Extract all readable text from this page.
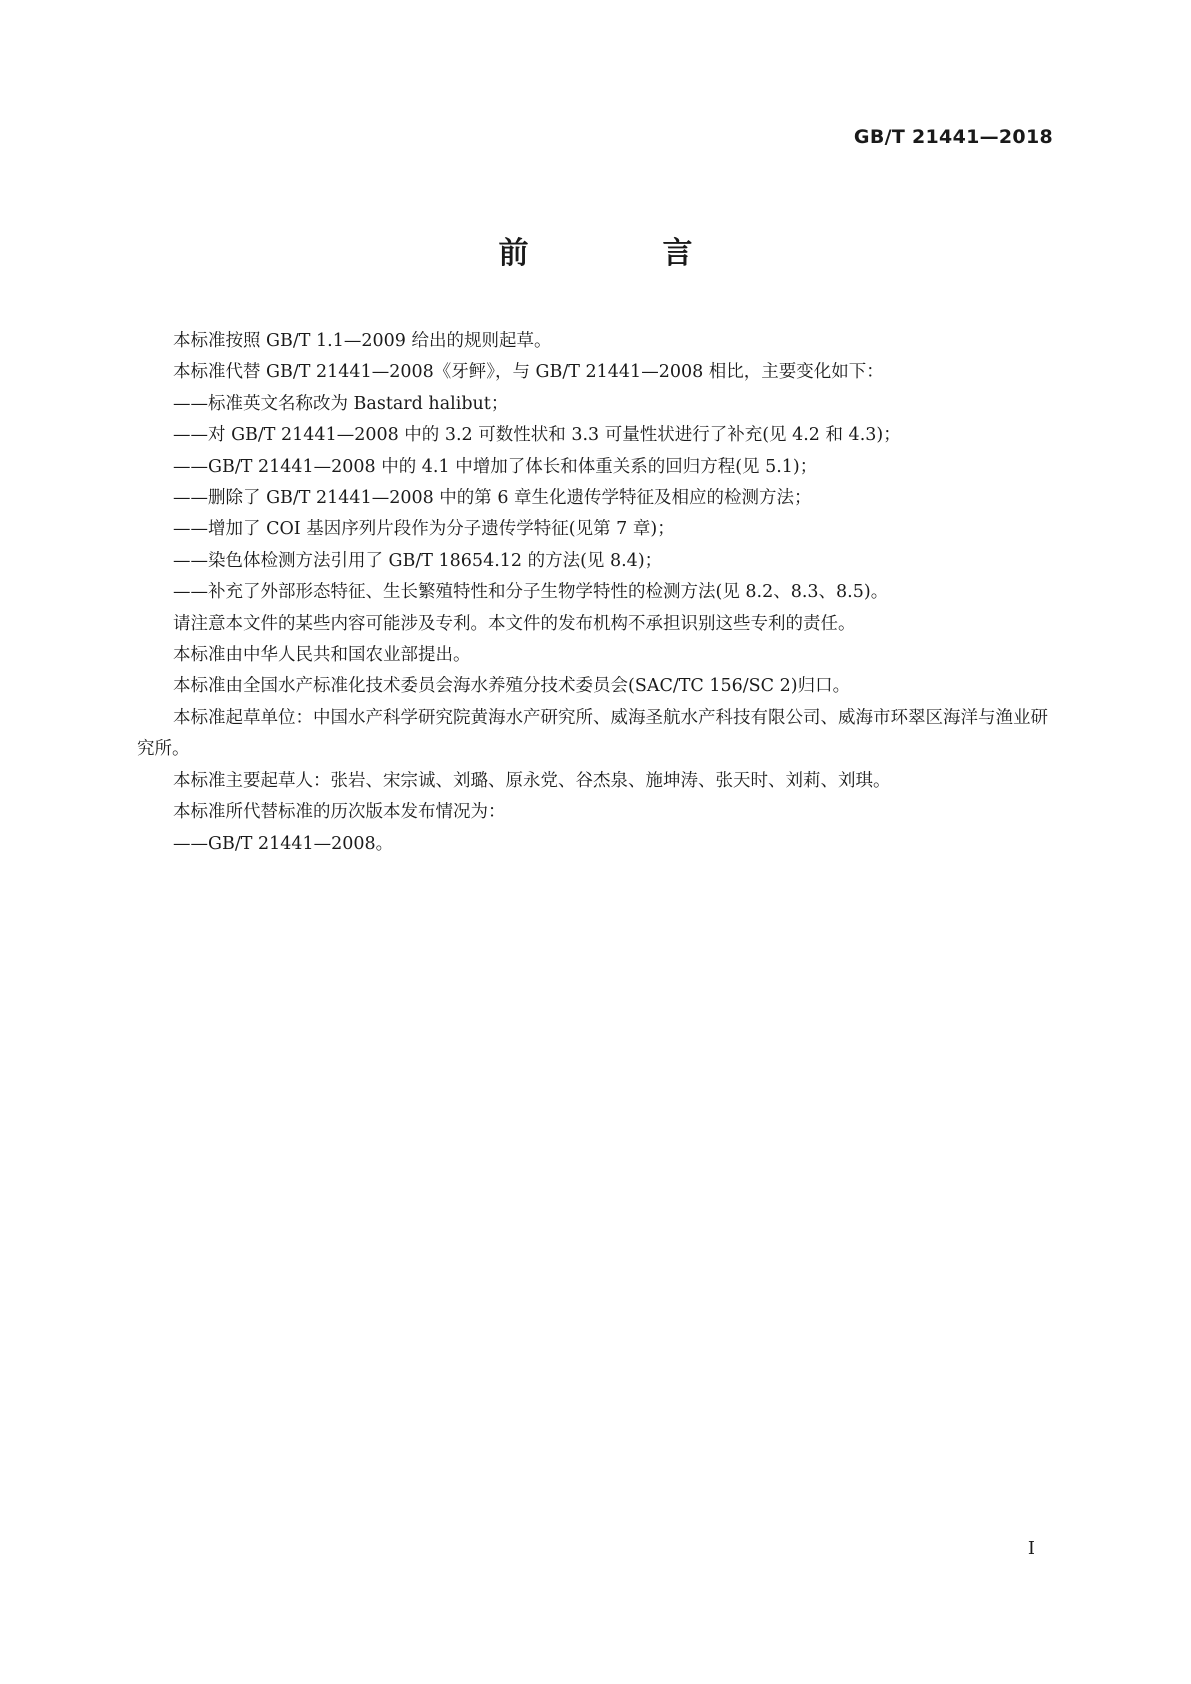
GB/T 21441—2018
前　言

本标准按照 GB/T 1.1—2009 给出的规则起草。

本标准代替 GB/T 21441—2008《牙鲆》，与 GB/T 21441—2008 相比，主要变化如下：

——标准英文名称改为 Bastard halibut；

——对 GB/T 21441—2008 中的 3.2 可数性状和 3.3 可量性状进行了补充(见 4.2 和 4.3)；

——GB/T 21441—2008 中的 4.1 中增加了体长和体重关系的回归方程(见 5.1)；

——删除了 GB/T 21441—2008 中的第 6 章生化遗传学特征及相应的检测方法；

——增加了 COI 基因序列片段作为分子遗传学特征(见第 7 章)；

——染色体检测方法引用了 GB/T 18654.12 的方法(见 8.4)；

——补充了外部形态特征、生长繁殖特性和分子生物学特性的检测方法(见 8.2、8.3、8.5)。

请注意本文件的某些内容可能涉及专利。本文件的发布机构不承担识别这些专利的责任。

本标准由中华人民共和国农业部提出。

本标准由全国水产标准化技术委员会海水养殖分技术委员会(SAC/TC 156/SC 2)归口。

本标准起草单位：中国水产科学研究院黄海水产研究所、威海圣航水产科技有限公司、威海市环翠区海洋与渔业研究所。

本标准主要起草人：张岩、宋宗诚、刘璐、原永党、谷杰泉、施坤涛、张天时、刘莉、刘琪。

本标准所代替标准的历次版本发布情况为：

——GB/T 21441—2008。

I
